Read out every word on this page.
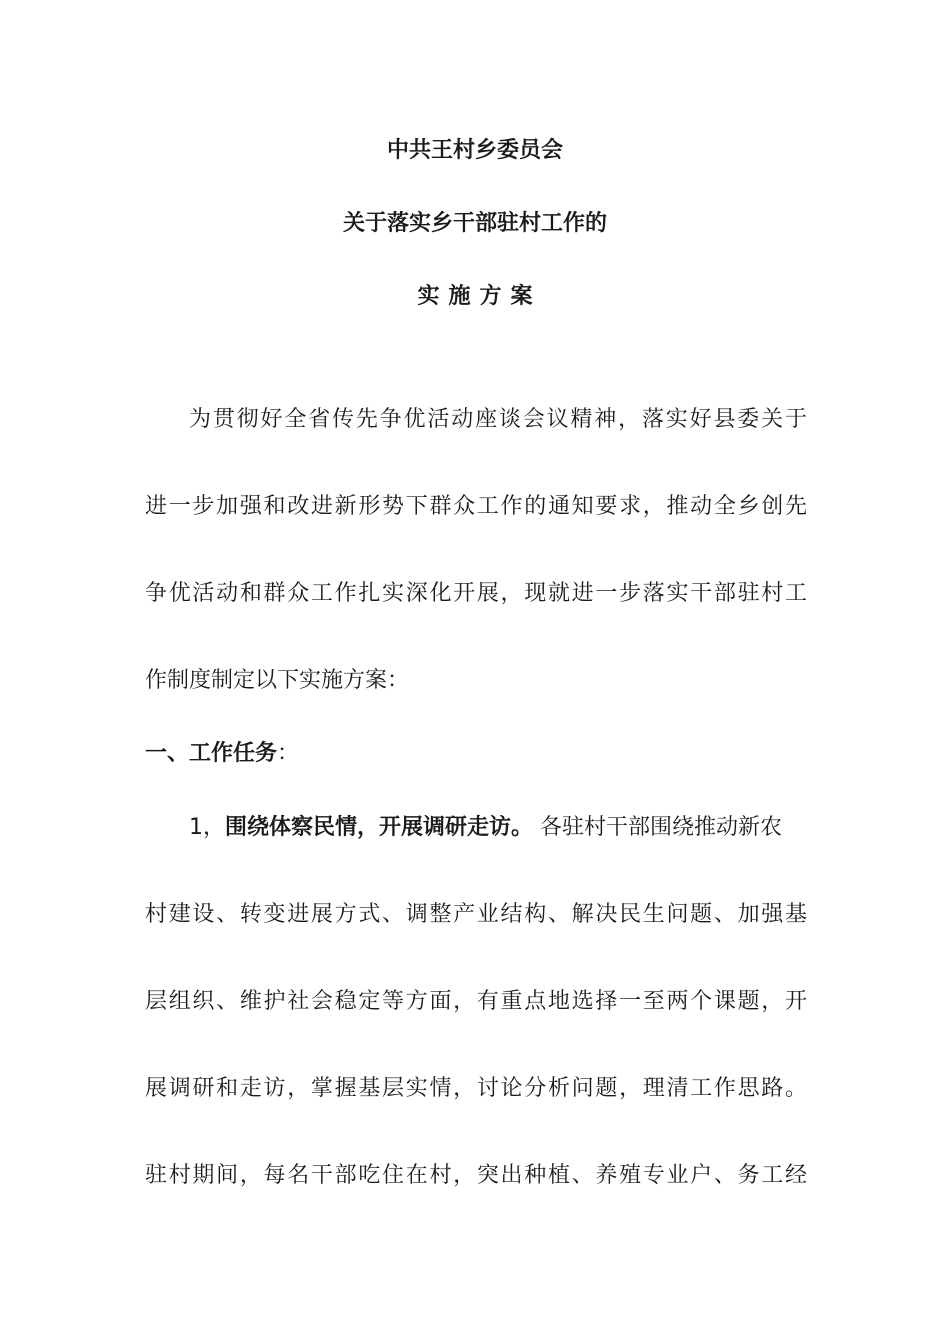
中共王村乡委员会
关于落实乡干部驻村工作的
实施方案
为贯彻好全省传先争优活动座谈会议精神，落实好县委关于
进一步加强和改进新形势下群众工作的通知要求，推动全乡创先
争优活动和群众工作扎实深化开展，现就进一步落实干部驻村工
作制度制定以下实施方案：
一、工作任务：
1，围绕体察民情，开展调研走访。 各驻村干部围绕推动新农
村建设、转变进展方式、调整产业结构、解决民生问题、加强基
层组织、维护社会稳定等方面，有重点地选择一至两个课题，开
展调研和走访，掌握基层实情，讨论分析问题，理清工作思路。
驻村期间，每名干部吃住在村，突出种植、养殖专业户、务工经
